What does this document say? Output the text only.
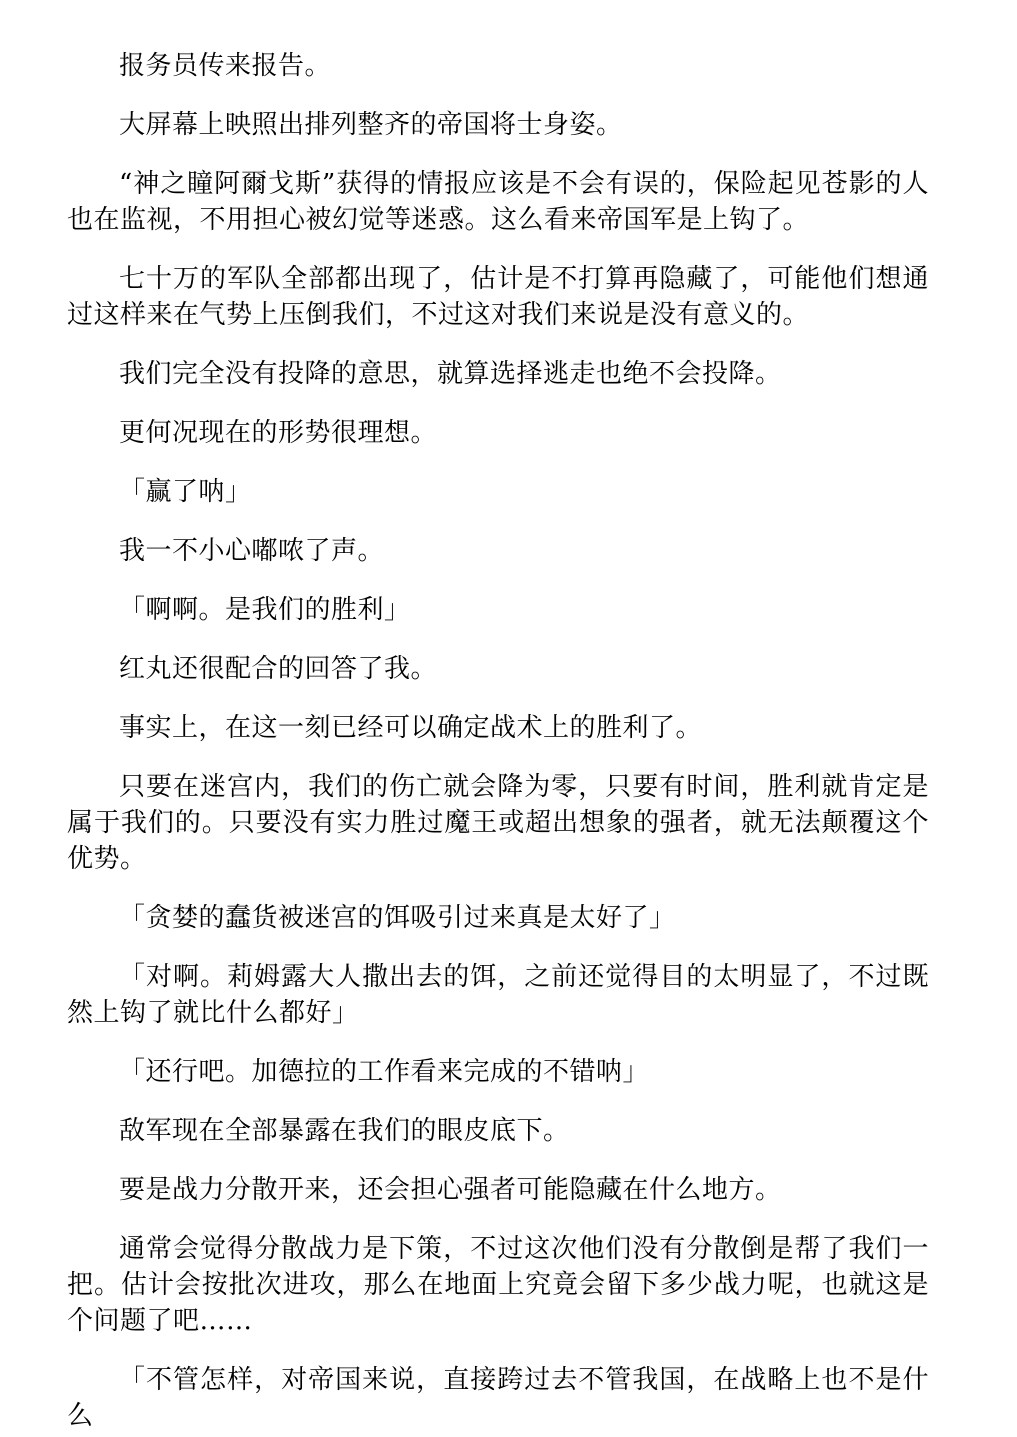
报务员传来报告。

大屏幕上映照出排列整齐的帝国将士身姿。

“神之瞳阿爾戈斯”获得的情报应该是不会有误的，保险起见苍影的人也在监视，不用担心被幻觉等迷惑。这么看来帝国军是上钩了。

七十万的军队全部都出现了，估计是不打算再隐藏了，可能他们想通过这样来在气势上压倒我们，不过这对我们来说是没有意义的。

我们完全没有投降的意思，就算选择逃走也绝不会投降。

更何况现在的形势很理想。

「赢了呐」

我一不小心嘟哝了声。

「啊啊。是我们的胜利」

红丸还很配合的回答了我。

事实上，在这一刻已经可以确定战术上的胜利了。

只要在迷宫内，我们的伤亡就会降为零，只要有时间，胜利就肯定是属于我们的。只要没有实力胜过魔王或超出想象的强者，就无法颠覆这个优势。

「贪婪的蠢货被迷宫的饵吸引过来真是太好了」

「对啊。莉姆露大人撒出去的饵，之前还觉得目的太明显了，不过既然上钩了就比什么都好」

「还行吧。加德拉的工作看来完成的不错呐」

敌军现在全部暴露在我们的眼皮底下。

要是战力分散开来，还会担心强者可能隐藏在什么地方。

通常会觉得分散战力是下策，不过这次他们没有分散倒是帮了我们一把。估计会按批次进攻，那么在地面上究竟会留下多少战力呢，也就这是个问题了吧……

「不管怎样，对帝国来说，直接跨过去不管我国，在战略上也不是什么
